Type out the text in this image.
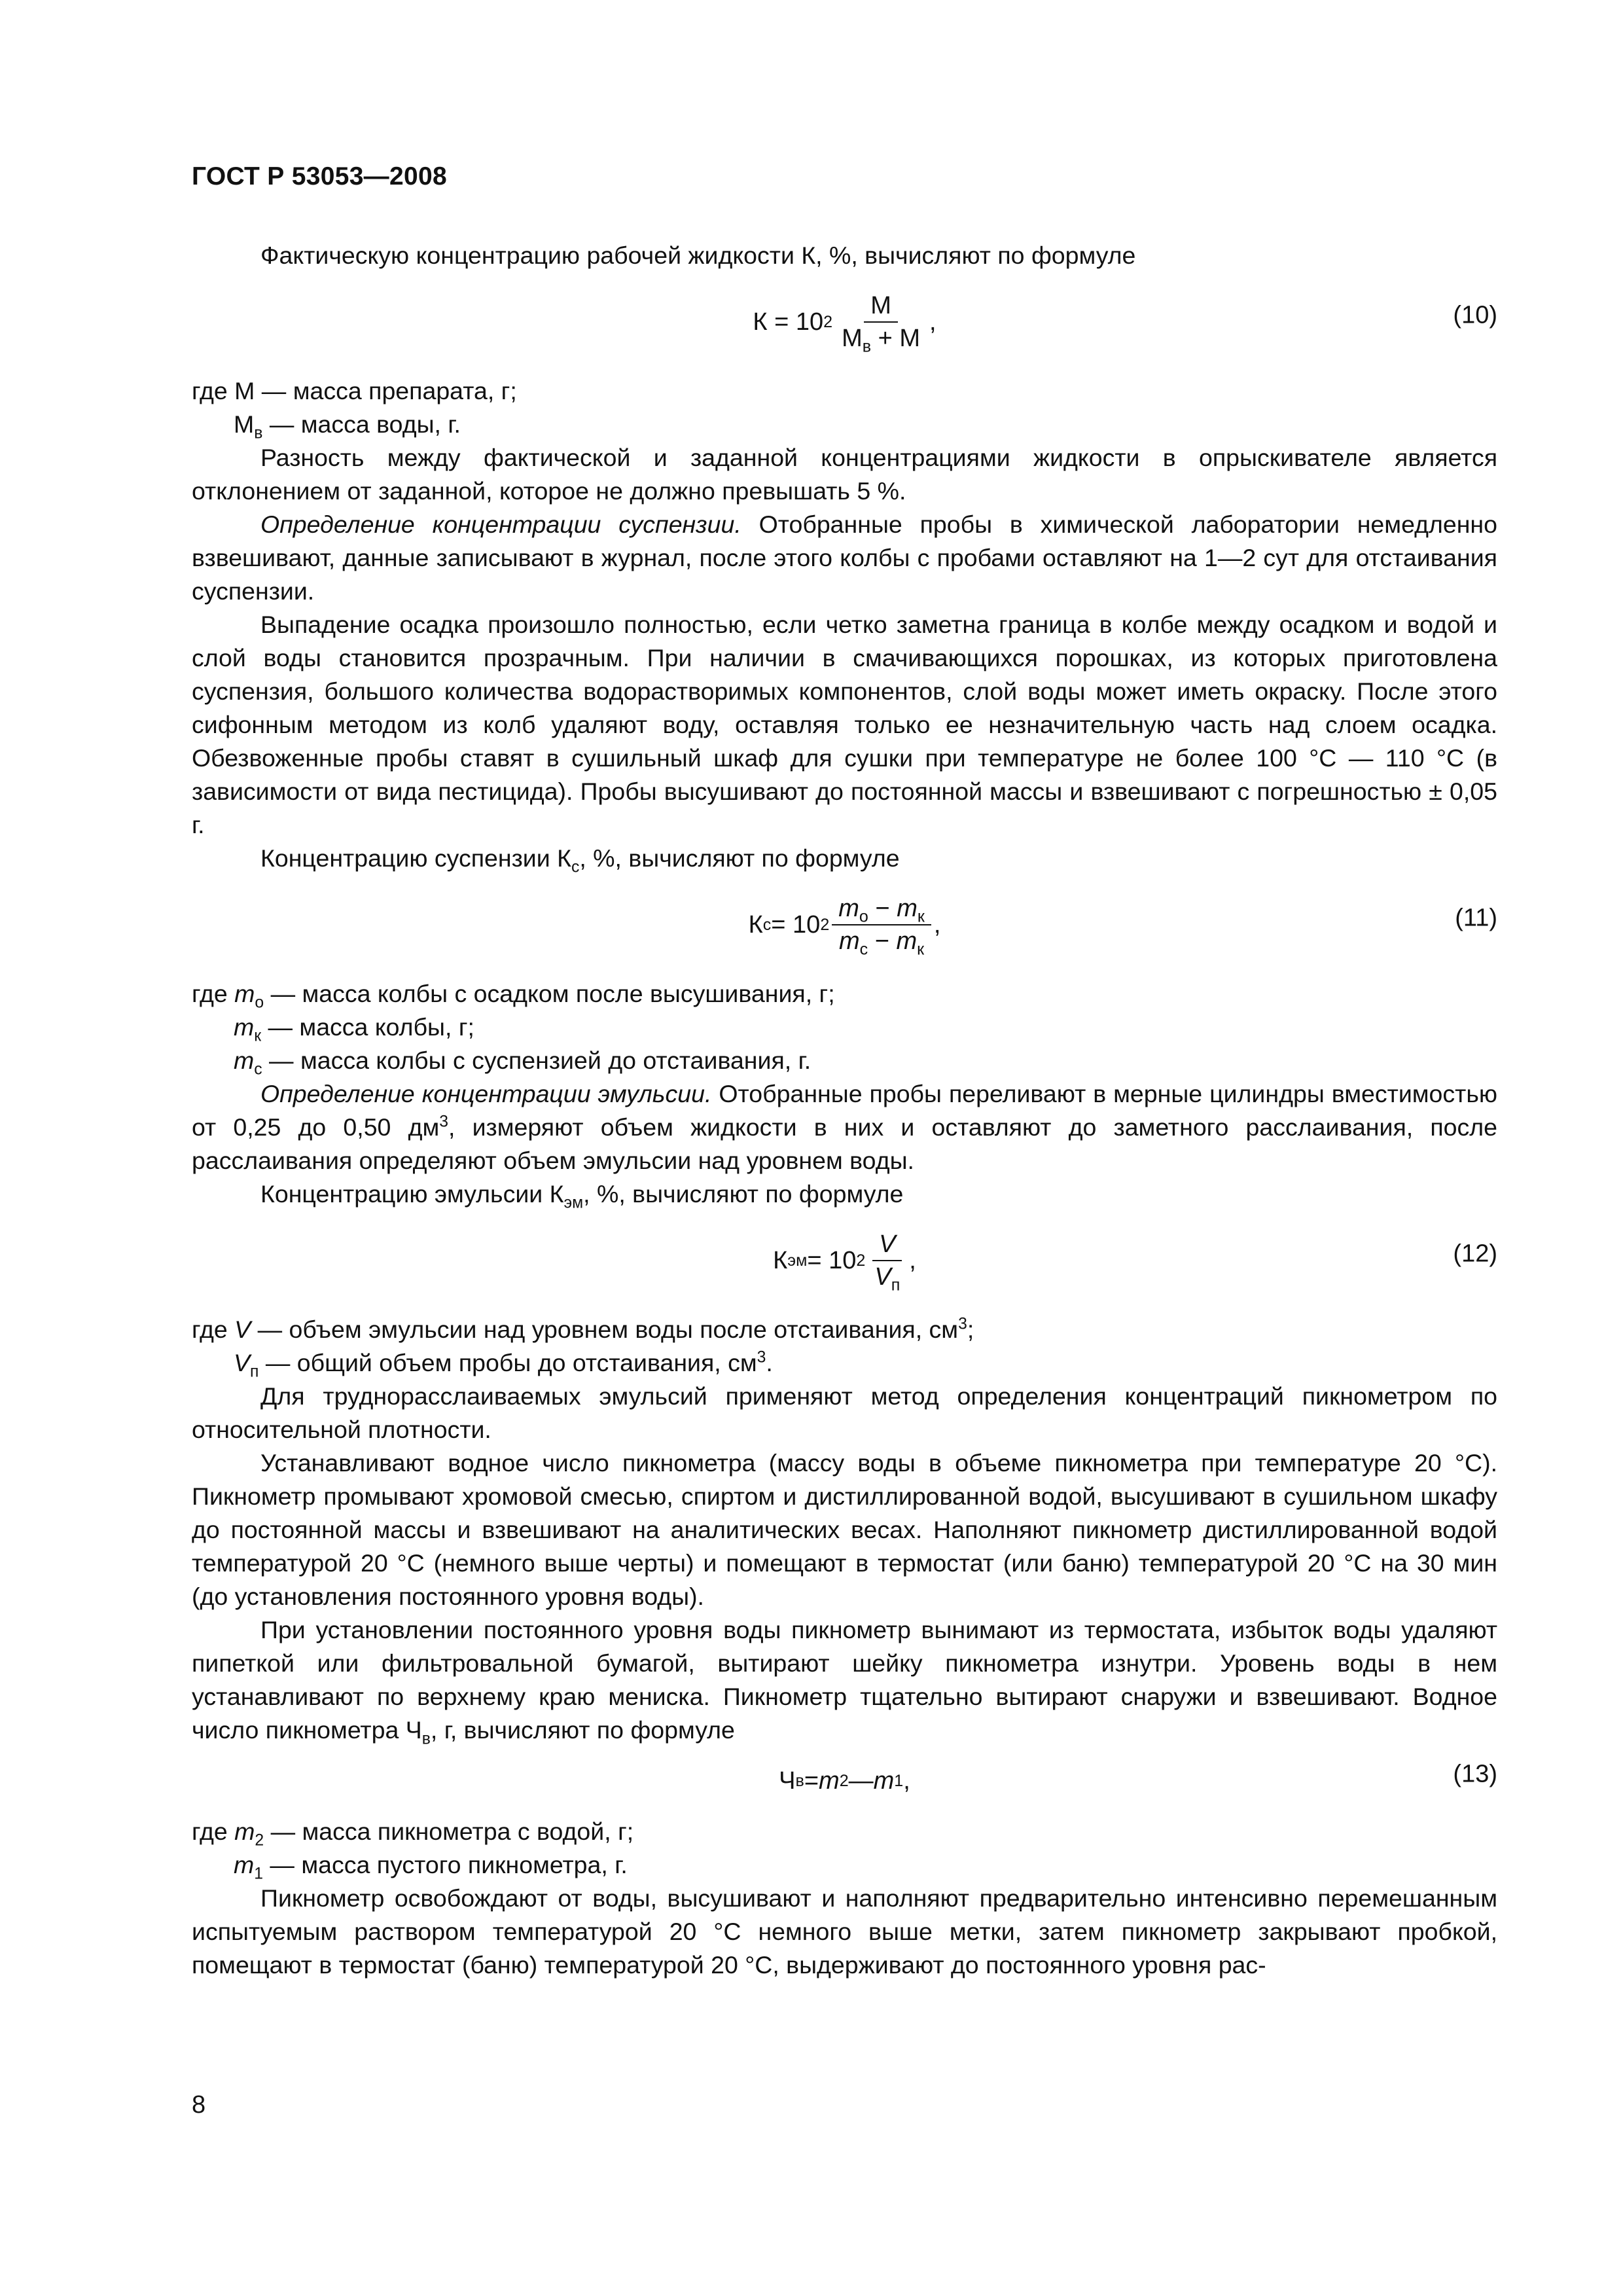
ГОСТ Р 53053—2008

Фактическую концентрацию рабочей жидкости К, %, вычисляют по формуле

К = 10 $2 \frac{М}{М_в + М}$ ,	(10)

где М — масса препарата, г;

$М_в$ — масса воды, г.

Разность между фактической и заданной концентрациями жидкости в опрыскивателе является отклонением от заданной, которое не должно превышать 5 %.

Определение концентрации суспензии. Отобранные пробы в химической лаборатории немедленно взвешивают, данные записывают в журнал, после этого колбы с пробами оставляют на 1—2 сут для отстаивания суспензии.

Выпадение осадка произошло полностью, если четко заметна граница в колбе между осадком и водой и слой воды становится прозрачным. При наличии в смачивающихся порошках, из которых приготовлена суспензия, большого количества водорастворимых компонентов, слой воды может иметь окраску. После этого сифонным методом из колб удаляют воду, оставляя только ее незначительную часть над слоем осадка. Обезвоженные пробы ставят в сушильный шкаф для сушки при температуре не более 100 °С — 110 °С (в зависимости от вида пестицида). Пробы высушивают до постоянной массы и взвешивают с погрешностью ± 0,05 г.

Концентрацию суспензии $К_с$, %, вычисляют по формуле

К с = 10 $2 \frac{m_о - m_к}{m_с - m_к}$ ,	(11)

где $m_о$ — масса колбы с осадком после высушивания, г;

$m_к$ — масса колбы, г;

$m_с$ — масса колбы с суспензией до отстаивания, г.

Определение концентрации эмульсии. Отобранные пробы переливают в мерные цилиндры вместимостью от 0,25 до 0,50 $дм^3$, измеряют объем жидкости в них и оставляют до заметного расслаивания, после расслаивания определяют объем эмульсии над уровнем воды.

Концентрацию эмульсии $К_{эм}$, %, вычисляют по формуле

К эм = 10 $2 \frac{V}{V_п}$ ,	(12)

где V — объем эмульсии над уровнем воды после отстаивания, $см^3$;

$V_п$ — общий объем пробы до отстаивания, $см^3$.

Для труднорасслаиваемых эмульсий применяют метод определения концентраций пикнометром по относительной плотности.

Устанавливают водное число пикнометра (массу воды в объеме пикнометра при температуре 20 °С). Пикнометр промывают хромовой смесью, спиртом и дистиллированной водой, высушивают в сушильном шкафу до постоянной массы и взвешивают на аналитических весах. Наполняют пикнометр дистиллированной водой температурой 20 °С (немного выше черты) и помещают в термостат (или баню) температурой 20 °С на 30 мин (до установления постоянного уровня воды).

При установлении постоянного уровня воды пикнометр вынимают из термостата, избыток воды удаляют пипеткой или фильтровальной бумагой, вытирают шейку пикнометра изнутри. Уровень воды в нем устанавливают по верхнему краю мениска. Пикнометр тщательно вытирают снаружи и взвешивают. Водное число пикнометра $Ч_в$, г, вычисляют по формуле

Ч в = m 2 — m 1 ,	(13)

где $m_2$ — масса пикнометра с водой, г;

$m_1$ — масса пустого пикнометра, г.

Пикнометр освобождают от воды, высушивают и наполняют предварительно интенсивно перемешанным испытуемым раствором температурой 20 °С немного выше метки, затем пикнометр закрывают пробкой, помещают в термостат (баню) температурой 20 °С, выдерживают до постоянного уровня рас-

8
